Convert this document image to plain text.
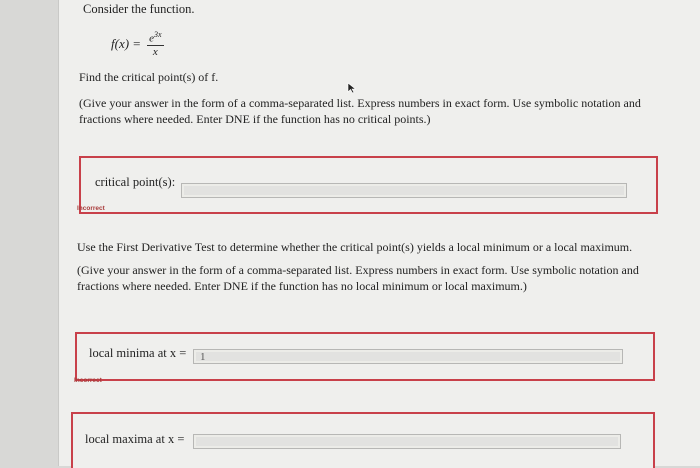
Consider the function.
$f(x) = \frac{e^{3x}}{x}$
Find the critical point(s) of f.
(Give your answer in the form of a comma-separated list. Express numbers in exact form. Use symbolic notation and fractions where needed. Enter DNE if the function has no critical points.)
critical point(s):
Incorrect
Use the First Derivative Test to determine whether the critical point(s) yields a local minimum or a local maximum.
(Give your answer in the form of a comma-separated list. Express numbers in exact form. Use symbolic notation and fractions where needed. Enter DNE if the function has no local minimum or local maximum.)
local minima at x =
1
Incorrect
local maxima at x =
